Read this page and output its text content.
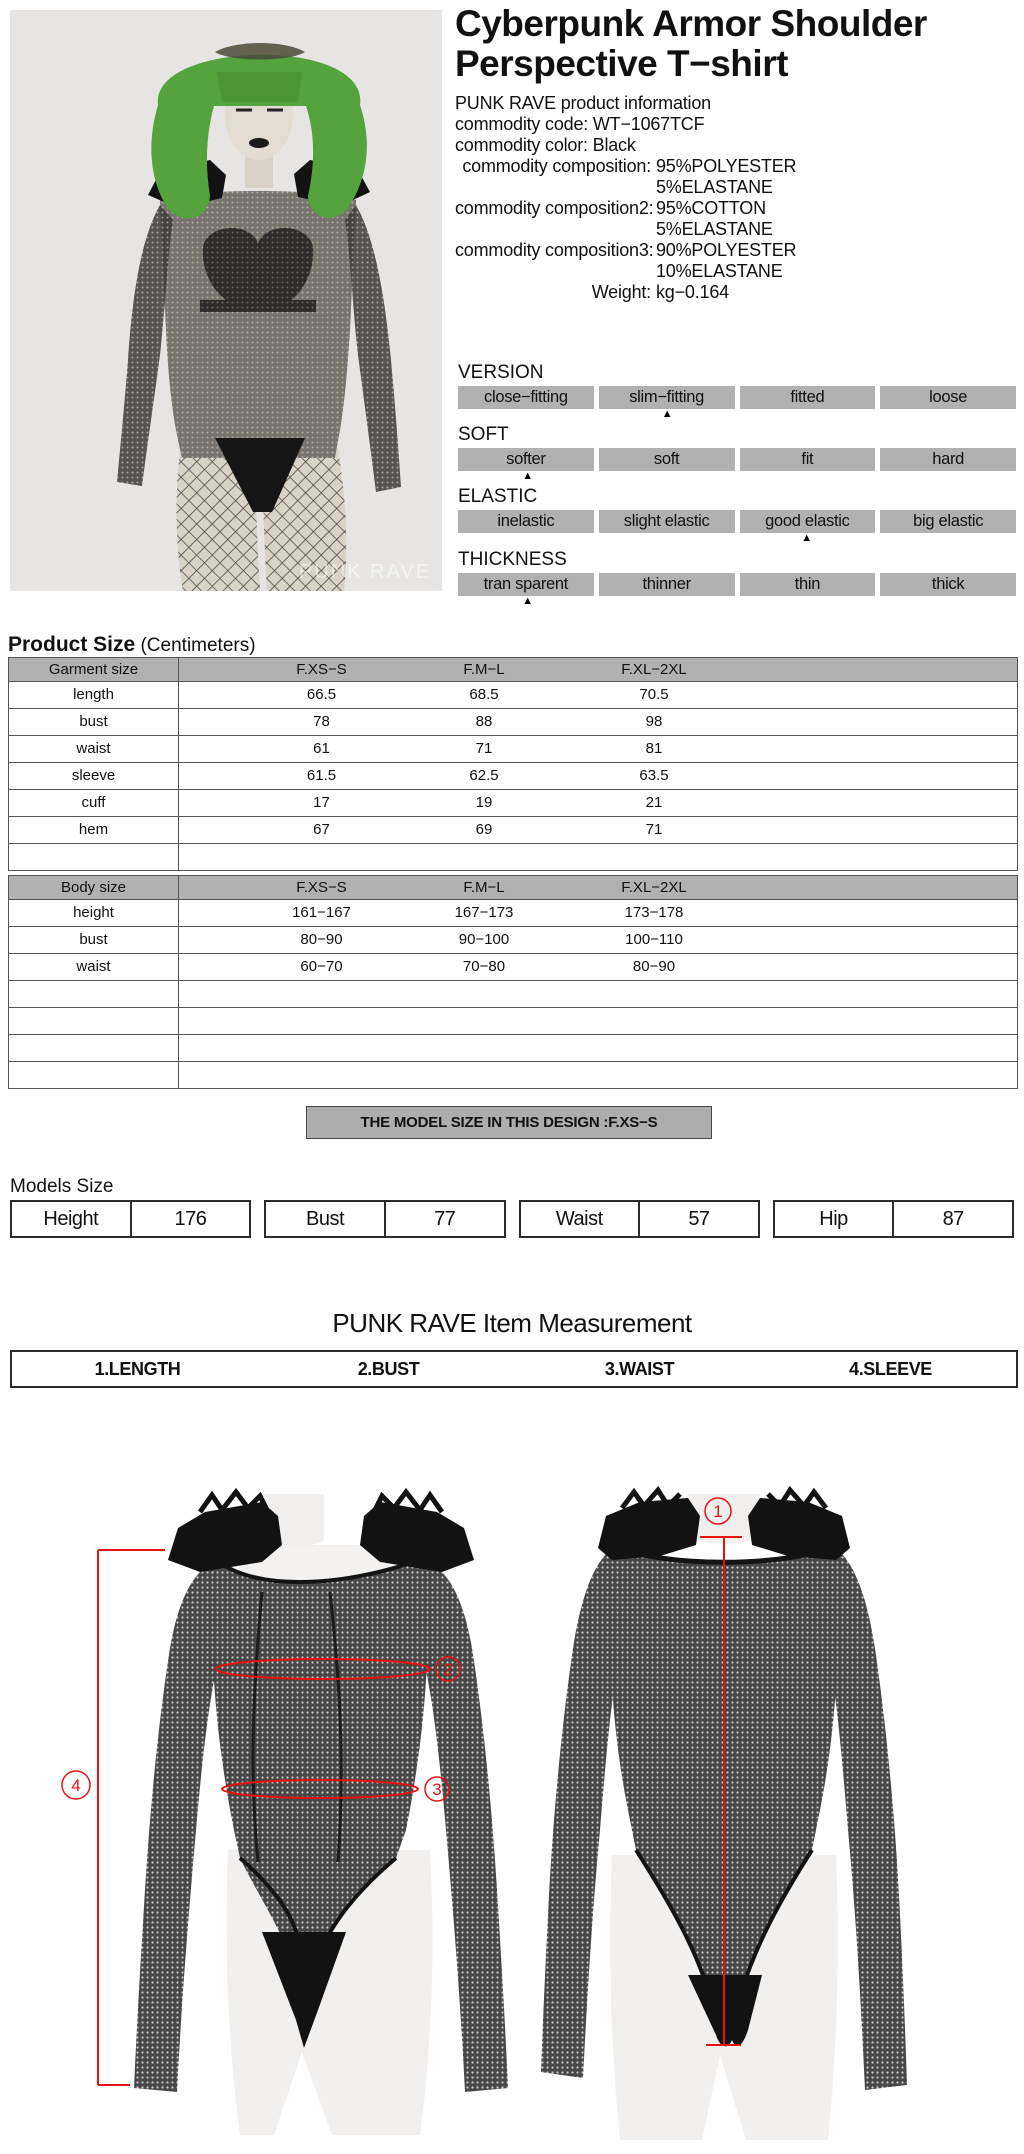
PUNK RAVE
Cyberpunk Armor Shoulder
Perspective T−shirt
PUNK RAVE product information
commodity code: WT−1067TCF
commodity color: Black
commodity composition: 95%POLYESTER
5%ELASTANE
commodity composition2: 95%COTTON
5%ELASTANE
commodity composition3: 90%POLYESTER
10%ELASTANE
Weight: kg−0.164
VERSION
close−fitting	slim−fitting	fitted	loose
▲
SOFT
softer	soft	fit	hard
▲
ELASTIC
inelastic	slight elastic	good elastic	big elastic
▲
THICKNESS
tran sparent	thinner	thin	thick
▲
Product Size (Centimeters)
Garment size	F.XS−S	F.M−L	F.XL−2XL
length	66.5	68.5	70.5
bust	78	88	98
waist	61	71	81
sleeve	61.5	62.5	63.5
cuff	17	19	21
hem	67	69	71
Body size	F.XS−S	F.M−L	F.XL−2XL
height	161−167	167−173	173−178
bust	80−90	90−100	100−110
waist	60−70	70−80	80−90
THE MODEL SIZE IN THIS DESIGN :F.XS−S
Models Size
Height	176	Bust	77	Waist	57	Hip	87
PUNK RAVE Item Measurement
1.LENGTH	2.BUST	3.WAIST	4.SLEEVE
1
2
3
4
